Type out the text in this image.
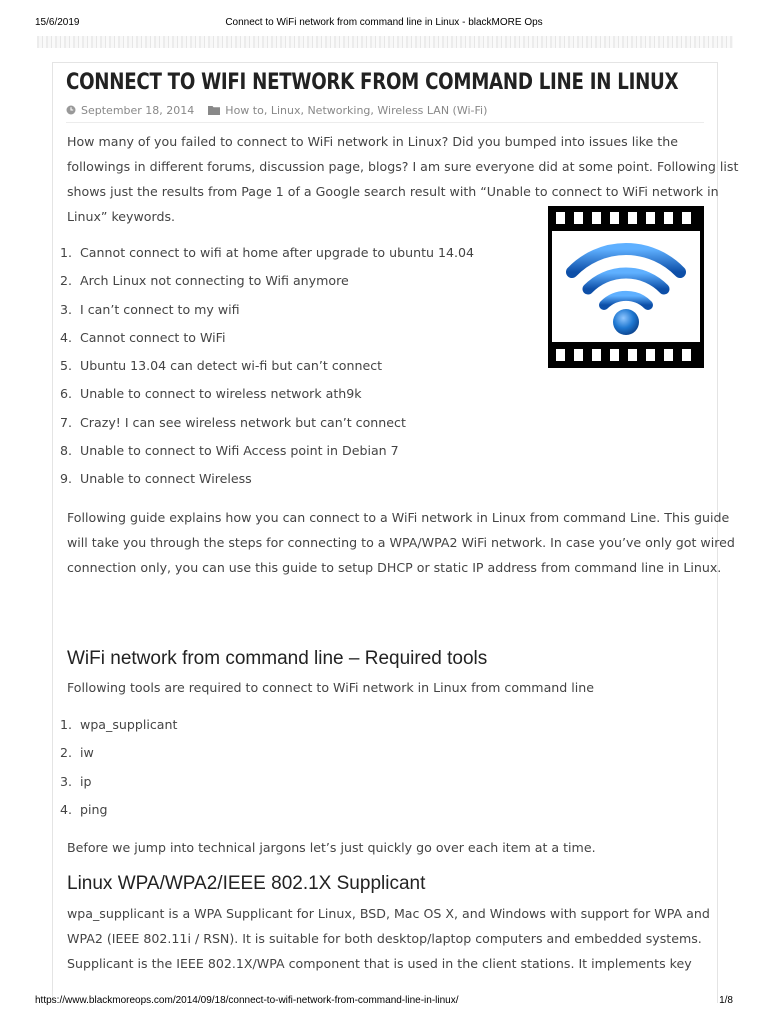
15/6/2019	Connect to WiFi network from command line in Linux - blackMORE Ops
CONNECT TO WIFI NETWORK FROM COMMAND LINE IN LINUX
September 18, 2014	How to, Linux, Networking, Wireless LAN (Wi-Fi)
How many of you failed to connect to WiFi network in Linux? Did you bumped into issues like the
followings in different forums, discussion page, blogs? I am sure everyone did at some point. Following list
shows just the results from Page 1 of a Google search result with “Unable to connect to WiFi network in
Linux” keywords.
1. Cannot connect to wifi at home after upgrade to ubuntu 14.04
2. Arch Linux not connecting to Wifi anymore
3. I can’t connect to my wifi
4. Cannot connect to WiFi
5. Ubuntu 13.04 can detect wi-fi but can’t connect
6. Unable to connect to wireless network ath9k
7. Crazy! I can see wireless network but can’t connect
8. Unable to connect to Wifi Access point in Debian 7
9. Unable to connect Wireless
Following guide explains how you can connect to a WiFi network in Linux from command Line. This guide
will take you through the steps for connecting to a WPA/WPA2 WiFi network. In case you’ve only got wired
connection only, you can use this guide to setup DHCP or static IP address from command line in Linux.
WiFi network from command line – Required tools
Following tools are required to connect to WiFi network in Linux from command line
1. wpa_supplicant
2. iw
3. ip
4. ping
Before we jump into technical jargons let’s just quickly go over each item at a time.
Linux WPA/WPA2/IEEE 802.1X Supplicant
wpa_supplicant is a WPA Supplicant for Linux, BSD, Mac OS X, and Windows with support for WPA and
WPA2 (IEEE 802.11i / RSN). It is suitable for both desktop/laptop computers and embedded systems.
Supplicant is the IEEE 802.1X/WPA component that is used in the client stations. It implements key
https://www.blackmoreops.com/2014/09/18/connect-to-wifi-network-from-command-line-in-linux/	1/8
